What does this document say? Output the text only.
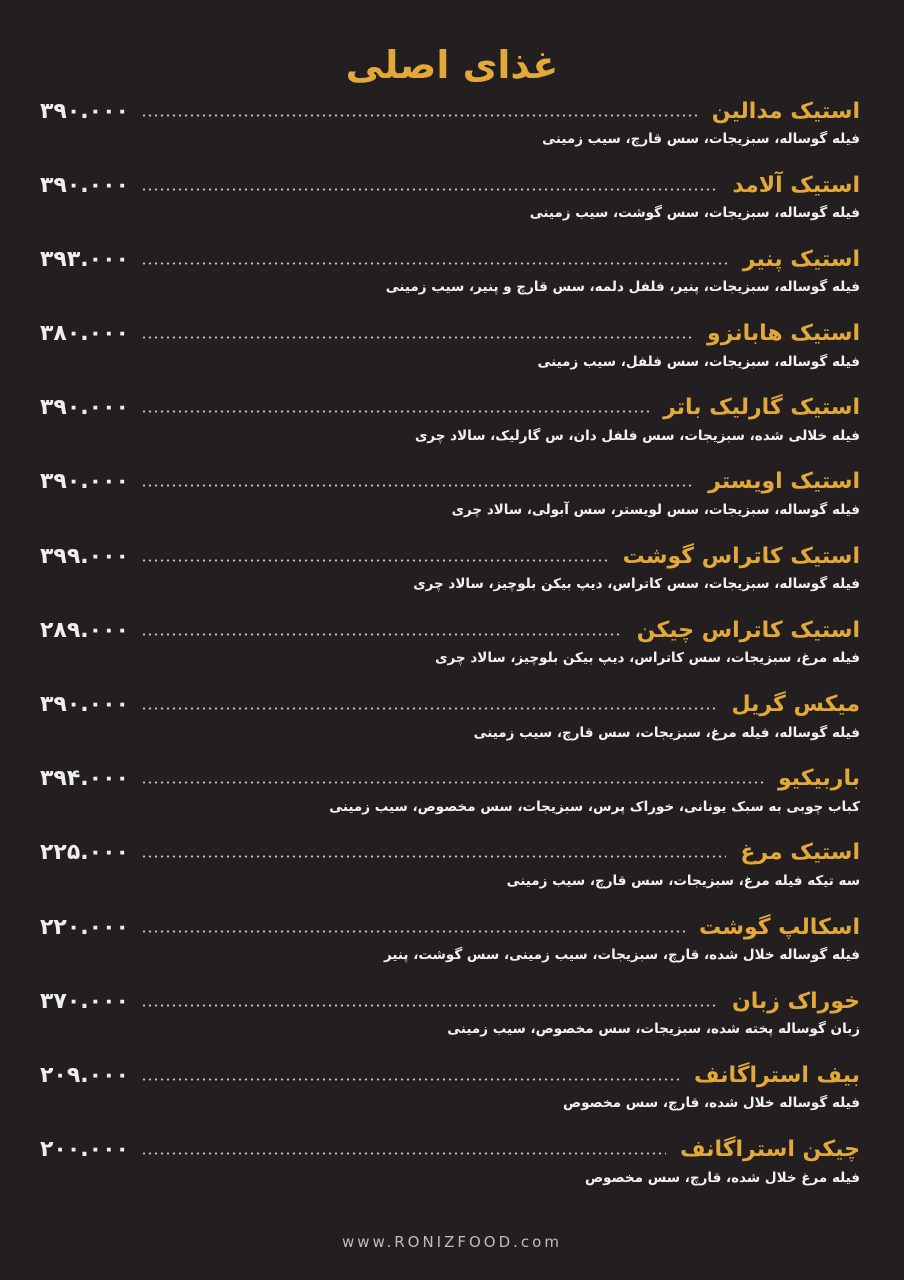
غذای اصلی
استیک مدالین
۳۹۰.۰۰۰
فیله گوساله، سبزیجات، سس قارچ، سیب زمینی
استیک آلامد
۳۹۰.۰۰۰
فیله گوساله، سبزیجات، سس گوشت، سیب زمینی
استیک پنیر
۳۹۳.۰۰۰
فیله گوساله، سبزیجات، پنیر، فلفل دلمه، سس قارچ و پنیر، سیب زمینی
استیک هابانزو
۳۸۰.۰۰۰
فیله گوساله، سبزیجات، سس فلفل، سیب زمینی
استیک گارلیک باتر
۳۹۰.۰۰۰
فیله خلالی شده، سبزیجات، سس فلفل دان، س گارلیک، سالاد چری
استیک اویستر
۳۹۰.۰۰۰
فیله گوساله، سبزیجات، سس لویستر، سس آبولی، سالاد چری
استیک کاتراس گوشت
۳۹۹.۰۰۰
فیله گوساله، سبزیجات، سس کاتراس، دیپ بیکن بلوچیز، سالاد چری
استیک کاتراس چیکن
۲۸۹.۰۰۰
فیله مرغ، سبزیجات، سس کاتراس، دیپ بیکن بلوچیز، سالاد چری
میکس گریل
۳۹۰.۰۰۰
فیله گوساله، فیله مرغ، سبزیجات، سس قارچ، سیب زمینی
باربیکیو
۳۹۴.۰۰۰
کباب چوبی به سبک یونانی، خوراک پرس، سبزیجات، سس مخصوص، سیب زمینی
استیک مرغ
۲۲۵.۰۰۰
سه تیکه فیله مرغ، سبزیجات، سس قارچ، سیب زمینی
اسکالپ گوشت
۲۲۰.۰۰۰
فیله گوساله خلال شده، قارچ، سبزیجات، سیب زمینی، سس گوشت، پنیر
خوراک زبان
۳۷۰.۰۰۰
زبان گوساله پخته شده، سبزیجات، سس مخصوص، سیب زمینی
بیف استراگانف
۲۰۹.۰۰۰
فیله گوساله خلال شده، قارچ، سس مخصوص
چیکن استراگانف
۲۰۰.۰۰۰
فیله مرغ خلال شده، قارچ، سس مخصوص
www.RONIZFOOD.com
